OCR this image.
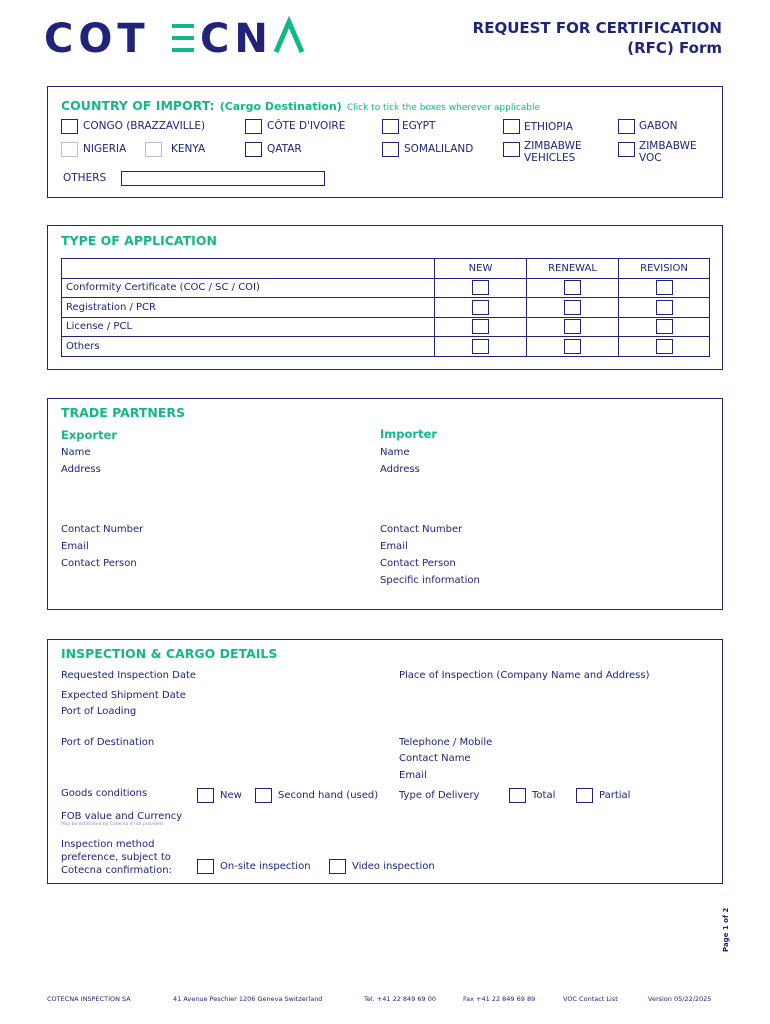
COT CN	REQUEST FOR CERTIFICATION
(RFC) Form
COUNTRY OF IMPORT: (Cargo Destination) Click to tick the boxes wherever applicable
CONGO (BRAZZAVILLE)	CÔTE D'IVOIRE	EGYPT	ETHIOPIA	GABON
NIGERIA	KENYA	QATAR	SOMALILAND	ZIMBABWE
VEHICLES
ZIMBABWE
VOC
OTHERS
TYPE OF APPLICATION
	NEW	RENEWAL	REVISION
Conformity Certificate (COC / SC / COI)			
Registration / PCR			
License / PCL			
Others			
TRADE PARTNERS
Exporter
Name
Address
Contact Number
Email
Contact Person
Importer
Name
Address
Contact Number
Email
Contact Person
Specific information
INSPECTION & CARGO DETAILS
Requested Inspection Date	Place of Inspection (Company Name and Address)
Expected Shipment Date
Port of Loading
Port of Destination	Telephone / Mobile
Contact Name
Email
Goods conditions	New	Second hand (used) Type of Delivery	Total	Partial
FOB value and Currency
May be estimated by Cotecna if not provided
Inspection method
preference, subject to
Cotecna confirmation:	On-site inspection	Video inspection
Page 1 of 2
COTECNA INSPECTION SA	41 Avenue Peschier 1206 Geneva Switzerland	Tel. +41 22 849 69 00	Fax +41 22 849 69 89	VOC Contact List	Version 05/22/2025
